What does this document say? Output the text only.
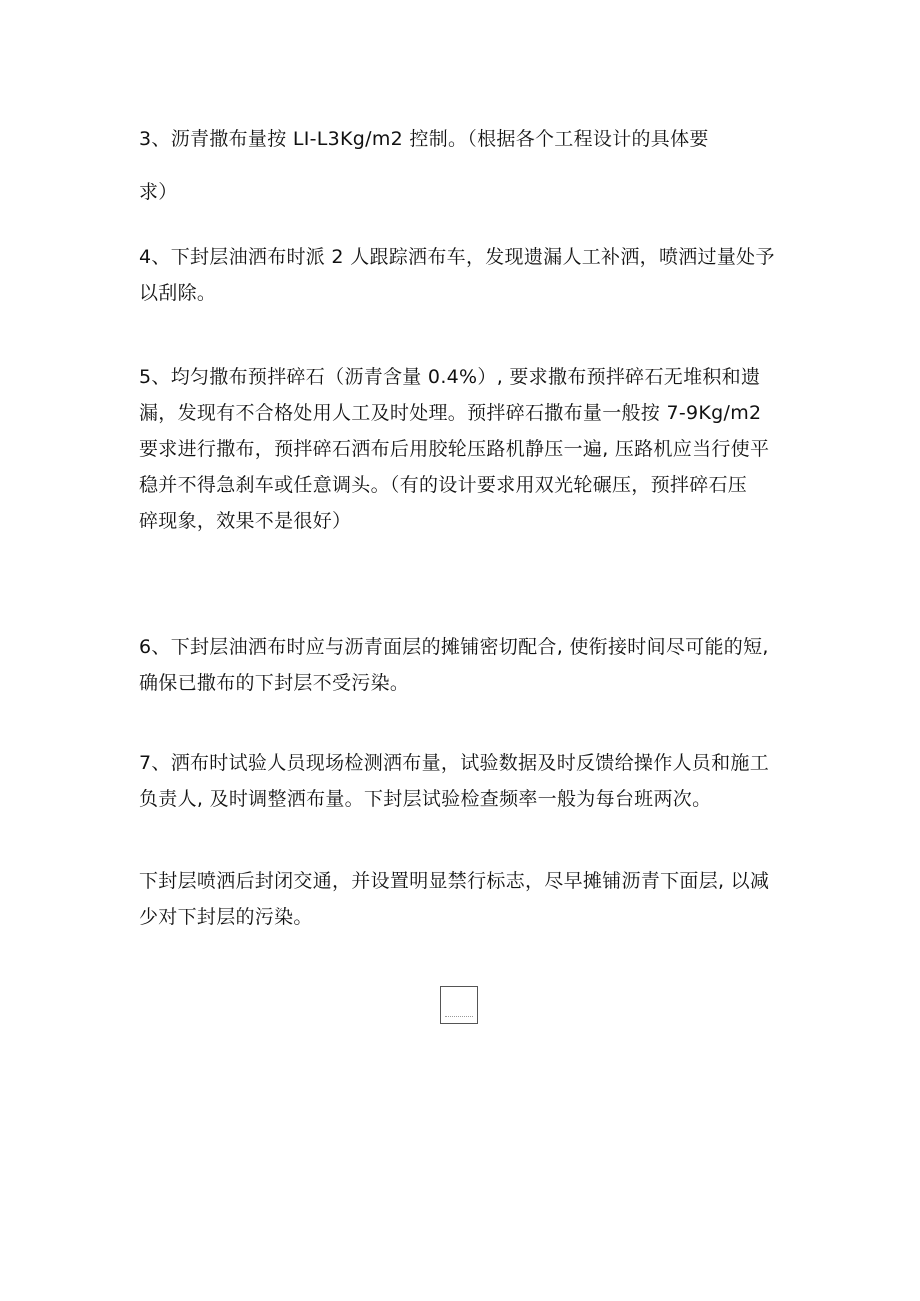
3、沥青撒布量按 LI-L3Kg∕m2 控制。（根据各个工程设计的具体要
求）

4、下封层油洒布时派 2 人跟踪洒布车，发现遗漏人工补洒，喷洒过量处予
以刮除。

5、均匀撒布预拌碎石（沥青含量 0.4%）, 要求撒布预拌碎石无堆积和遗
漏，发现有不合格处用人工及时处理。预拌碎石撒布量一般按 7-9Kg∕m2
要求进行撒布，预拌碎石洒布后用胶轮压路机静压一遍, 压路机应当行使平
稳并不得急刹车或任意调头。（有的设计要求用双光轮碾压，预拌碎石压
碎现象，效果不是很好）

6、下封层油洒布时应与沥青面层的摊铺密切配合, 使衔接时间尽可能的短,
确保已撒布的下封层不受污染。

7、洒布时试验人员现场检测洒布量，试验数据及时反馈给操作人员和施工
负责人, 及时调整洒布量。下封层试验检查频率一般为每台班两次。

下封层喷洒后封闭交通，并设置明显禁行标志，尽早摊铺沥青下面层, 以减
少对下封层的污染。
